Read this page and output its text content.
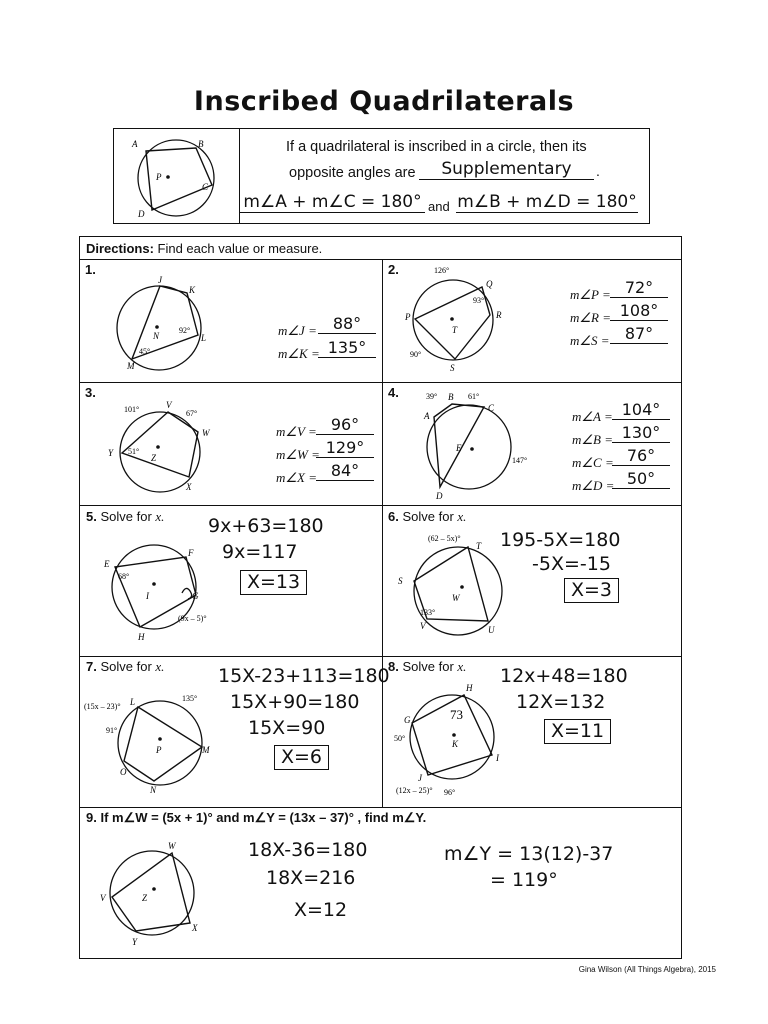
Inscribed Quadrilaterals
A	B
C
D
P
If a quadrilateral is inscribed in a circle, then its
opposite angles are	Supplementary	.
m∠A + m∠C = 180° and m∠B + m∠D = 180°
Directions: Find each value or measure.
1.
J
K
L
M
N
92°
45°
m∠J = 88°
m∠K = 135°
2.	126°
93°
90°
P
Q
R
S
T
m∠P = 72°
m∠R = 108°
m∠S = 87°
3.
101°	67°
51°
V
W
X
Y	Z
m∠V = 96°
m∠W = 129°
m∠X = 84°
4.	39°	61°
147°
A
B
C
D
E
m∠A = 104°
m∠B = 130°
m∠C = 76°
m∠D = 50°
5. Solve for x.
E
F
G
H
I
68°
(9x – 5)°
9x+63=180
9x=117
X=13
6. Solve for x.
(62 – 5x)°
133°
S
T
U
V
W
195-5X=180
-5X=-15
X=3
7. Solve for x.
(15x – 23)°
135°
91°
L
M
N
O
P
15X-23+113=180
15X+90=180
15X=90
X=6
8. Solve for x.
73
50°
(12x – 25)° 96°
G
H
I
J
K
12x+48=180
12X=132
X=11
9. If m∠W = (5x + 1)° and m∠Y = (13x – 37)° , find m∠Y.
V
W
X
Y
Z
18X-36=180
18X=216
X=12
m∠Y = 13(12)-37
= 119°
Gina Wilson (All Things Algebra), 2015
